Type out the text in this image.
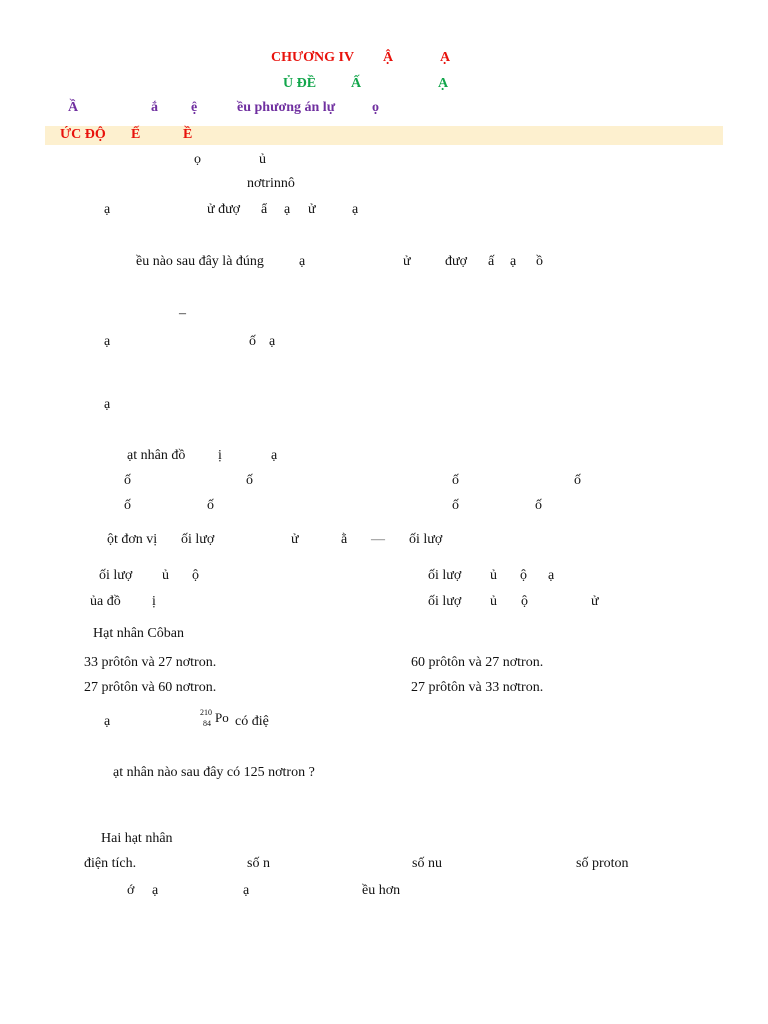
CHƯƠNG IV Ậ	Ạ
Ủ ĐỀ Ấ	Ạ
Ầ	ắ ệ	ều phương án lự	ọ
ỨC ĐỘ Ế	Ề
ọ	ủ
nơtrinnô
ạ	ử đượ ẩ ạ ử	ạ
ều nào sau đây là đúng	ạ	ử đượ ấ ạ ồ
–
ạ	ố ạ
ạ
ạt nhân đồ ị	ạ
ố	ố	ố	ố
ố	ố	ố	ố
ột đơn vị ối lượ	ử	ằ — ối lượ
ối lượ ủ ộ	ối lượ ủ ộ ạ
ủa đồ ị	ối lượ ủ ộ	ử
Hạt nhân Côban
33 prôtôn và 27 nơtron.	60 prôtôn và 27 nơtron.
27 prôtôn và 60 nơtron.	27 prôtôn và 33 nơtron.
ạ	có điệ
210
84 Po
ạt nhân nào sau đây có 125 nơtron ?
Hai hạt nhân
điện tích.	số n	số nu	số proton
ớ ạ	ạ	ều hơn
